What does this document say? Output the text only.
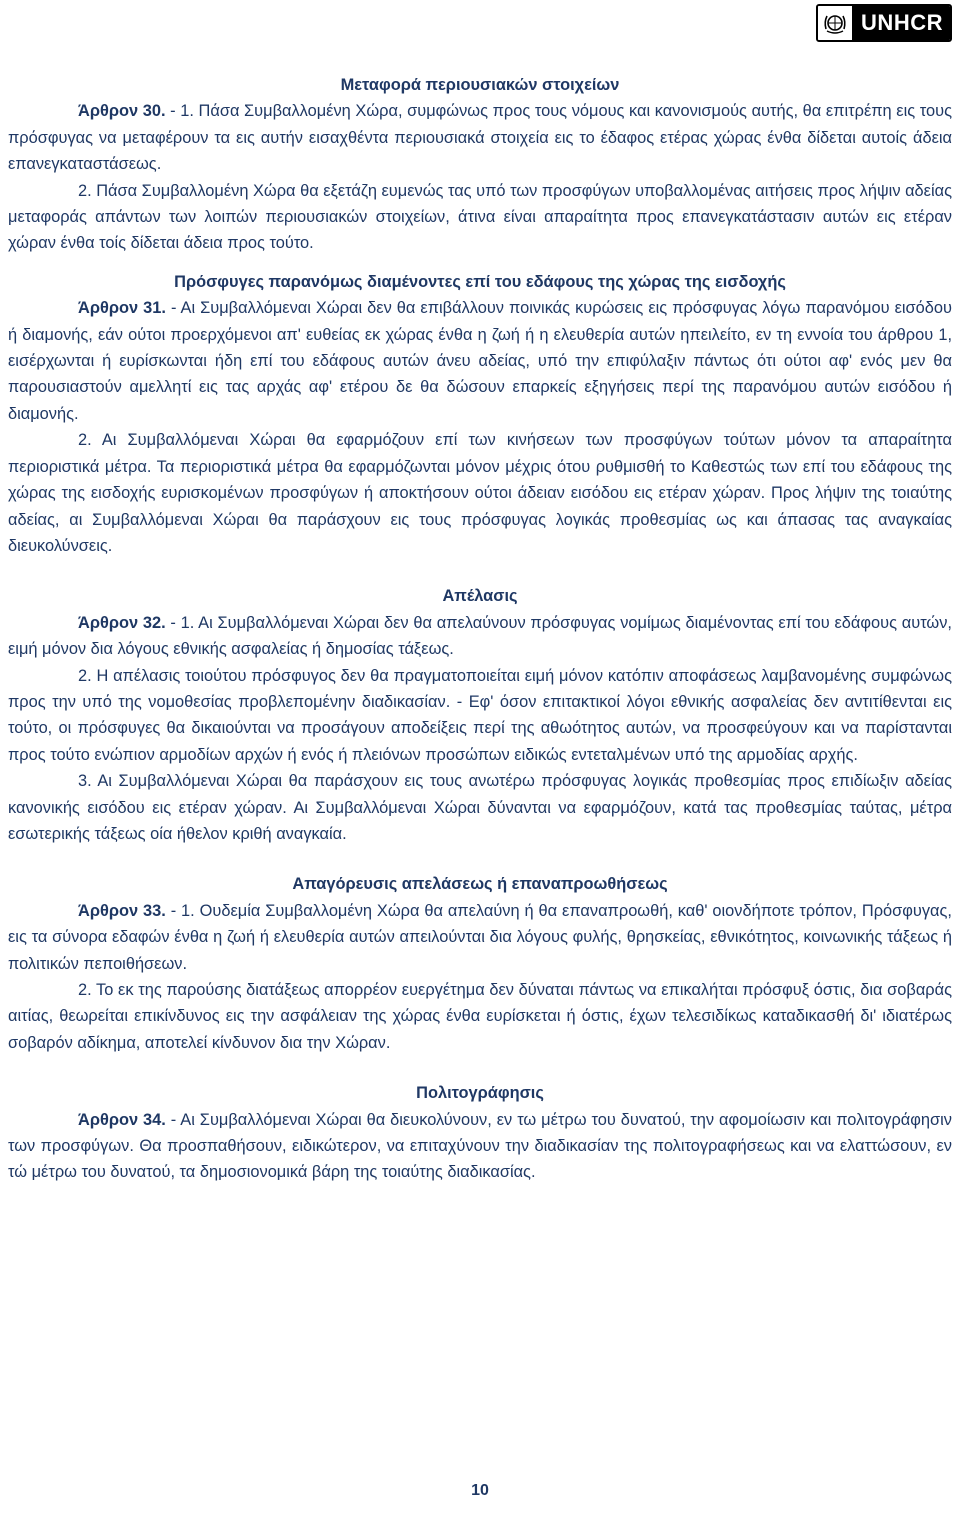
UNHCR
Μεταφορά περιουσιακών στοιχείων

Άρθρον 30. - 1. Πάσα Συμβαλλομένη Χώρα, συμφώνως προς τους νόμους και κανονισμούς αυτής, θα επιτρέπη εις τους πρόσφυγας να μεταφέρουν τα εις αυτήν εισαχθέντα περιουσιακά στοιχεία εις το έδαφος ετέρας χώρας ένθα δίδεται αυτοίς άδεια επανεγκαταστάσεως.

2. Πάσα Συμβαλλομένη Χώρα θα εξετάζη ευμενώς τας υπό των προσφύγων υποβαλλομένας αιτήσεις προς λήψιν αδείας μεταφοράς απάντων των λοιπών περιουσιακών στοιχείων, άτινα είναι απαραίτητα προς επανεγκατάστασιν αυτών εις ετέραν χώραν ένθα τοίς δίδεται άδεια προς τούτο.

Πρόσφυγες παρανόμως διαμένοντες επί του εδάφους της χώρας της εισδοχής

Άρθρον 31. - Αι Συμβαλλόμεναι Χώραι δεν θα επιβάλλουν ποινικάς κυρώσεις εις πρόσφυγας λόγω παρανόμου εισόδου ή διαμονής, εάν ούτοι προερχόμενοι απ' ευθείας εκ χώρας ένθα η ζωή ή η ελευθερία αυτών ηπειλείτο, εν τη εννοία του άρθρου 1, εισέρχωνται ή ευρίσκωνται ήδη επί του εδάφους αυτών άνευ αδείας, υπό την επιφύλαξιν πάντως ότι ούτοι αφ' ενός μεν θα παρουσιαστούν αμελλητί εις τας αρχάς αφ' ετέρου δε θα δώσουν επαρκείς εξηγήσεις περί της παρανόμου αυτών εισόδου ή διαμονής.

2. Αι Συμβαλλόμεναι Χώραι θα εφαρμόζουν επί των κινήσεων των προσφύγων τούτων μόνον τα απαραίτητα περιοριστικά μέτρα. Τα περιοριστικά μέτρα θα εφαρμόζωνται μόνον μέχρις ότου ρυθμισθή το Καθεστώς των επί του εδάφους της χώρας της εισδοχής ευρισκομένων προσφύγων ή αποκτήσουν ούτοι άδειαν εισόδου εις ετέραν χώραν. Προς λήψιν της τοιαύτης αδείας, αι Συμβαλλόμεναι Χώραι θα παράσχουν εις τους πρόσφυγας λογικάς προθεσμίας ως και άπασας τας αναγκαίας διευκολύνσεις.

Απέλασις

Άρθρον 32. - 1. Αι Συμβαλλόμεναι Χώραι δεν θα απελαύνουν πρόσφυγας νομίμως διαμένοντας επί του εδάφους αυτών, ειμή μόνον δια λόγους εθνικής ασφαλείας ή δημοσίας τάξεως.

2. Η απέλασις τοιούτου πρόσφυγος δεν θα πραγματοποιείται ειμή μόνον κατόπιν αποφάσεως λαμβανομένης συμφώνως προς την υπό της νομοθεσίας προβλεπομένην διαδικασίαν. - Εφ' όσον επιτακτικοί λόγοι εθνικής ασφαλείας δεν αντιτίθενται εις τούτο, οι πρόσφυγες θα δικαιούνται να προσάγουν αποδείξεις περί της αθωότητος αυτών, να προσφεύγουν και να παρίστανται προς τούτο ενώπιον αρμοδίων αρχών ή ενός ή πλειόνων προσώπων ειδικώς εντεταλμένων υπό της αρμοδίας αρχής.

3. Αι Συμβαλλόμεναι Χώραι θα παράσχουν εις τους ανωτέρω πρόσφυγας λογικάς προθεσμίας προς επιδίωξιν αδείας κανονικής εισόδου εις ετέραν χώραν. Αι Συμβαλλόμεναι Χώραι δύνανται να εφαρμόζουν, κατά τας προθεσμίας ταύτας, μέτρα εσωτερικής τάξεως οία ήθελον κριθή αναγκαία.

Απαγόρευσις απελάσεως ή επαναπροωθήσεως

Άρθρον 33. - 1. Ουδεμία Συμβαλλομένη Χώρα θα απελαύνη ή θα επαναπροωθή, καθ' οιονδήποτε τρόπον, Πρόσφυγας, εις τα σύνορα εδαφών ένθα η ζωή ή ελευθερία αυτών απειλούνται δια λόγους φυλής, θρησκείας, εθνικότητος, κοινωνικής τάξεως ή πολιτικών πεποιθήσεων.

2. Το εκ της παρούσης διατάξεως απορρέον ευεργέτημα δεν δύναται πάντως να επικαλήται πρόσφυξ όστις, δια σοβαράς αιτίας, θεωρείται επικίνδυνος εις την ασφάλειαν της χώρας ένθα ευρίσκεται ή όστις, έχων τελεσιδίκως καταδικασθή δι' ιδιατέρως σοβαρόν αδίκημα, αποτελεί κίνδυνον δια την Χώραν.

Πολιτογράφησις

Άρθρον 34. - Αι Συμβαλλόμεναι Χώραι θα διευκολύνουν, εν τω μέτρω του δυνατού, την αφομοίωσιν και πολιτογράφησιν των προσφύγων. Θα προσπαθήσουν, ειδικώτερον, να επιταχύνουν την διαδικασίαν της πολιτογραφήσεως και να ελαττώσουν, εν τώ μέτρω του δυνατού, τα δημοσιονομικά βάρη της τοιαύτης διαδικασίας.

10
